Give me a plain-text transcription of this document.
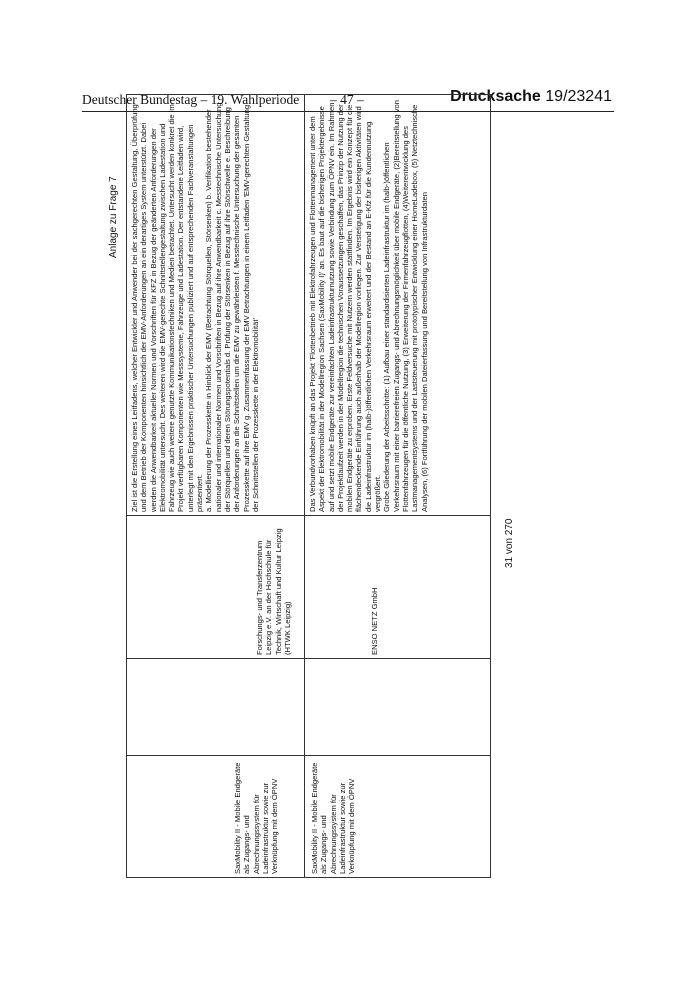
Deutscher Bundestag – 19. Wahlperiode – 47 –	Drucksache 19/23241
Anlage zu Frage 7
SaxMobility II - Mobile Endgeräte als Zugangs- und Abrechnungssystem für Ladeinfrastruktur sowie zur Verknüpfung mit dem ÖPNV		Forschungs- und Transferzentrum Leipzig e.V. an der Hochschule für Technik, Wirtschaft und Kultur Leipzig (HTWK Leipzig)	Ziel ist die Erstellung eines Leitfadens, welcher Entwickler und Anwender bei der sachgerechten Gestaltung, Überprüfung und dem Betrieb der Komponenten hinsichtlich der EMV-Anforderungen an ein derartiges System unterstützt. Dabei werden die Anwendbarkeit aktueller Normen und Vorschriften für KFZ in Bezug der geänderten Anforderungen der Elektromobilität untersucht. Des weiteren wird die EMV-gerechte Schnittstellengestaltung zwischen Ladestation und Fahrzeug wie auch weitere genutzte Kommunikationstechniken und Medien betrachtet. Untersucht werden konkret die im Projekt verfügbaren Komponenten wie Messsysteme, Fahrzeuge und Ladestation. Der entstandene Leitfaden wird, unterlegt mit den Ergebnissen praktischer Untersuchungen publiziert und auf entsprechenden Fachveranstaltungen präsentiert.
a. Modellierung der Prozesskette in Hinblick der EMV (Betrachtung Störquellen, Störsenken) b. Verifikation bestehender nationaler und internationaler Normen und Vorschriften in Bezug auf ihre Anwendbarkeit c. Messtechnische Untersuchung der Störquellen und deren Störungspotentials d. Prüfung der Störsenken in Bezug auf ihre Störschwelle e. Beschreibung der Anforderungen an die Schnittstellen um die EMV zu gewährleisten f. Messtechnische Untersuchung der gesamten Prozesskette auf ihre EMV g. Zusammenfassung der EMV Betrachtungen in einem Leitfaden 'EMV-gerechten Gestaltung der Schnittstellen der Prozesskette in der Elektromobilität'

SaxMobility II - Mobile Endgeräte als Zugangs- und Abrechnungssystem für Ladeinfrastruktur sowie zur Verknüpfung mit dem ÖPNV		ENSO NETZ GmbH	Das Verbundvorhaben knüpft an das Projekt 'Flottenbetrieb mit Elektrofahrzeugen und Flottenmanagement unter dem Aspekt der Elektromobilität in der Modellregion Sachsen (SaxMobility I)' an. Es baut auf die bisherigen Projektergebnisse auf und setzt mobile Endgeräte zur vereinfachten Ladeinfrastrukturnutzung sowie Verbindung zum ÖPNV ein. Im Rahmen der Projektlaufzeit werden in der Modellregion die technischen Voraussetzungen geschaffen, das Prinzip der Nutzung der mobilen Endgeräte zu erproben. Erste Feldversuche mit Nutzern werden stattfinden. Im Ergebnis wird ein Konzept für die flächendeckende Einführung auch außerhalb der Modellregion vorliegen. Zur Verstetigung der bisherigen Aktivitäten wird die Ladeinfrastruktur im (halb-)öffentlichen Verkehrsraum erweitert und der Bestand an E-Kfz für die Kundennutzung vergrößert.
Grobe Gliederung der Arbeitsschritte: (1) Aufbau einer standardisierten Ladeinfrastruktur im (halb-)öffentlichen Verkehrsraum mit einer barrierefreien Zugangs- und Abrechnungsmöglichkeit über mobile Endgeräte, (2)Bereitstellung von Flottenfahrzeugen für die öffentliche Nutzung, (3) Erweiterung der Firmenfahrzeugflotten, (4)Weiterentwicklung des Lastmanagementsystems und der Laststeuerung mit prototypischer Entwicklung einer HomeLadebox, (5) Netztechnische Analysen, (6) Fortführung der mobilen Dateierfassung und Bereitstellung von Infrastrukturdaten
31 von 270
